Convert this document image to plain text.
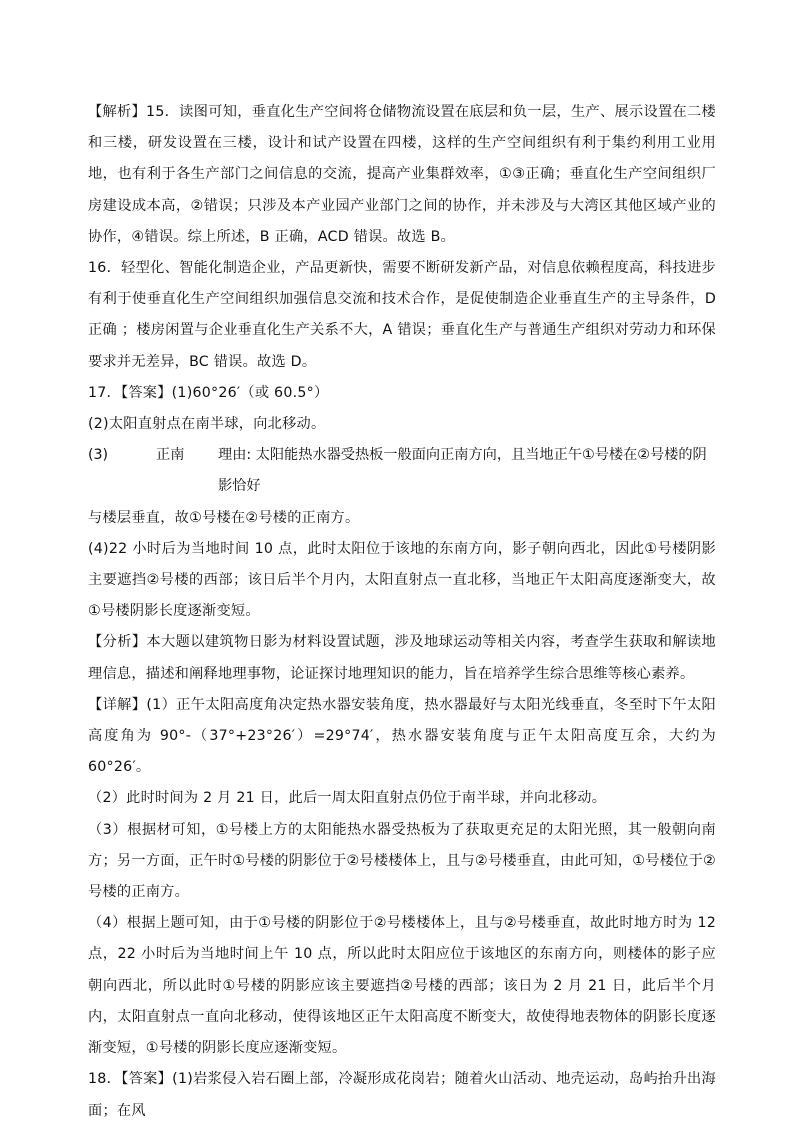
【解析】15．读图可知，垂直化生产空间将仓储物流设置在底层和负一层，生产、展示设置在二楼和三楼，研发设置在三楼，设计和试产设置在四楼，这样的生产空间组织有利于集约利用工业用地，也有利于各生产部门之间信息的交流，提高产业集群效率，①③正确；垂直化生产空间组织厂房建设成本高，②错误；只涉及本产业园产业部门之间的协作，并未涉及与大湾区其他区域产业的协作，④错误。综上所述，B 正确，ACD 错误。故选 B。

16．轻型化、智能化制造企业，产品更新快，需要不断研发新产品，对信息依赖程度高，科技进步有利于使垂直化生产空间组织加强信息交流和技术合作，是促使制造企业垂直生产的主导条件，D 正确 ；楼房闲置与企业垂直化生产关系不大，A 错误；垂直化生产与普通生产组织对劳动力和环保要求并无差异，BC 错误。故选 D。

17．【答案】(1)60°26′（或 60.5°）

(2)太阳直射点在南半球，向北移动。

(3)	正南	理由: 太阳能热水器受热板一般面向正南方向，且当地正午①号楼在②号楼的阴影恰好

与楼层垂直，故①号楼在②号楼的正南方。

(4)22 小时后为当地时间 10 点，此时太阳位于该地的东南方向，影子朝向西北，因此①号楼阴影主要遮挡②号楼的西部；该日后半个月内，太阳直射点一直北移，当地正午太阳高度逐渐变大，故①号楼阴影长度逐渐变短。

【分析】本大题以建筑物日影为材料设置试题，涉及地球运动等相关内容，考查学生获取和解读地理信息，描述和阐释地理事物，论证探讨地理知识的能力，旨在培养学生综合思维等核心素养。

【详解】(1）正午太阳高度角决定热水器安装角度，热水器最好与太阳光线垂直，冬至时下午太阳高度角为 90°-（37°+23°26′）=29°74′，热水器安装角度与正午太阳高度互余，大约为 60°26′。

（2）此时时间为 2 月 21 日，此后一周太阳直射点仍位于南半球，并向北移动。

（3）根据材可知，①号楼上方的太阳能热水器受热板为了获取更充足的太阳光照，其一般朝向南方；另一方面，正午时①号楼的阴影位于②号楼楼体上，且与②号楼垂直，由此可知，①号楼位于②号楼的正南方。

（4）根据上题可知，由于①号楼的阴影位于②号楼楼体上，且与②号楼垂直，故此时地方时为 12 点，22 小时后为当地时间上午 10 点，所以此时太阳应位于该地区的东南方向，则楼体的影子应朝向西北，所以此时①号楼的阴影应该主要遮挡②号楼的西部；该日为 2 月 21 日，此后半个月内，太阳直射点一直向北移动，使得该地区正午太阳高度不断变大，故使得地表物体的阴影长度逐渐变短，①号楼的阴影长度应逐渐变短。

18．【答案】(1)岩浆侵入岩石圈上部，冷凝形成花岗岩；随着火山活动、地壳运动，岛屿抬升出海面；在风
